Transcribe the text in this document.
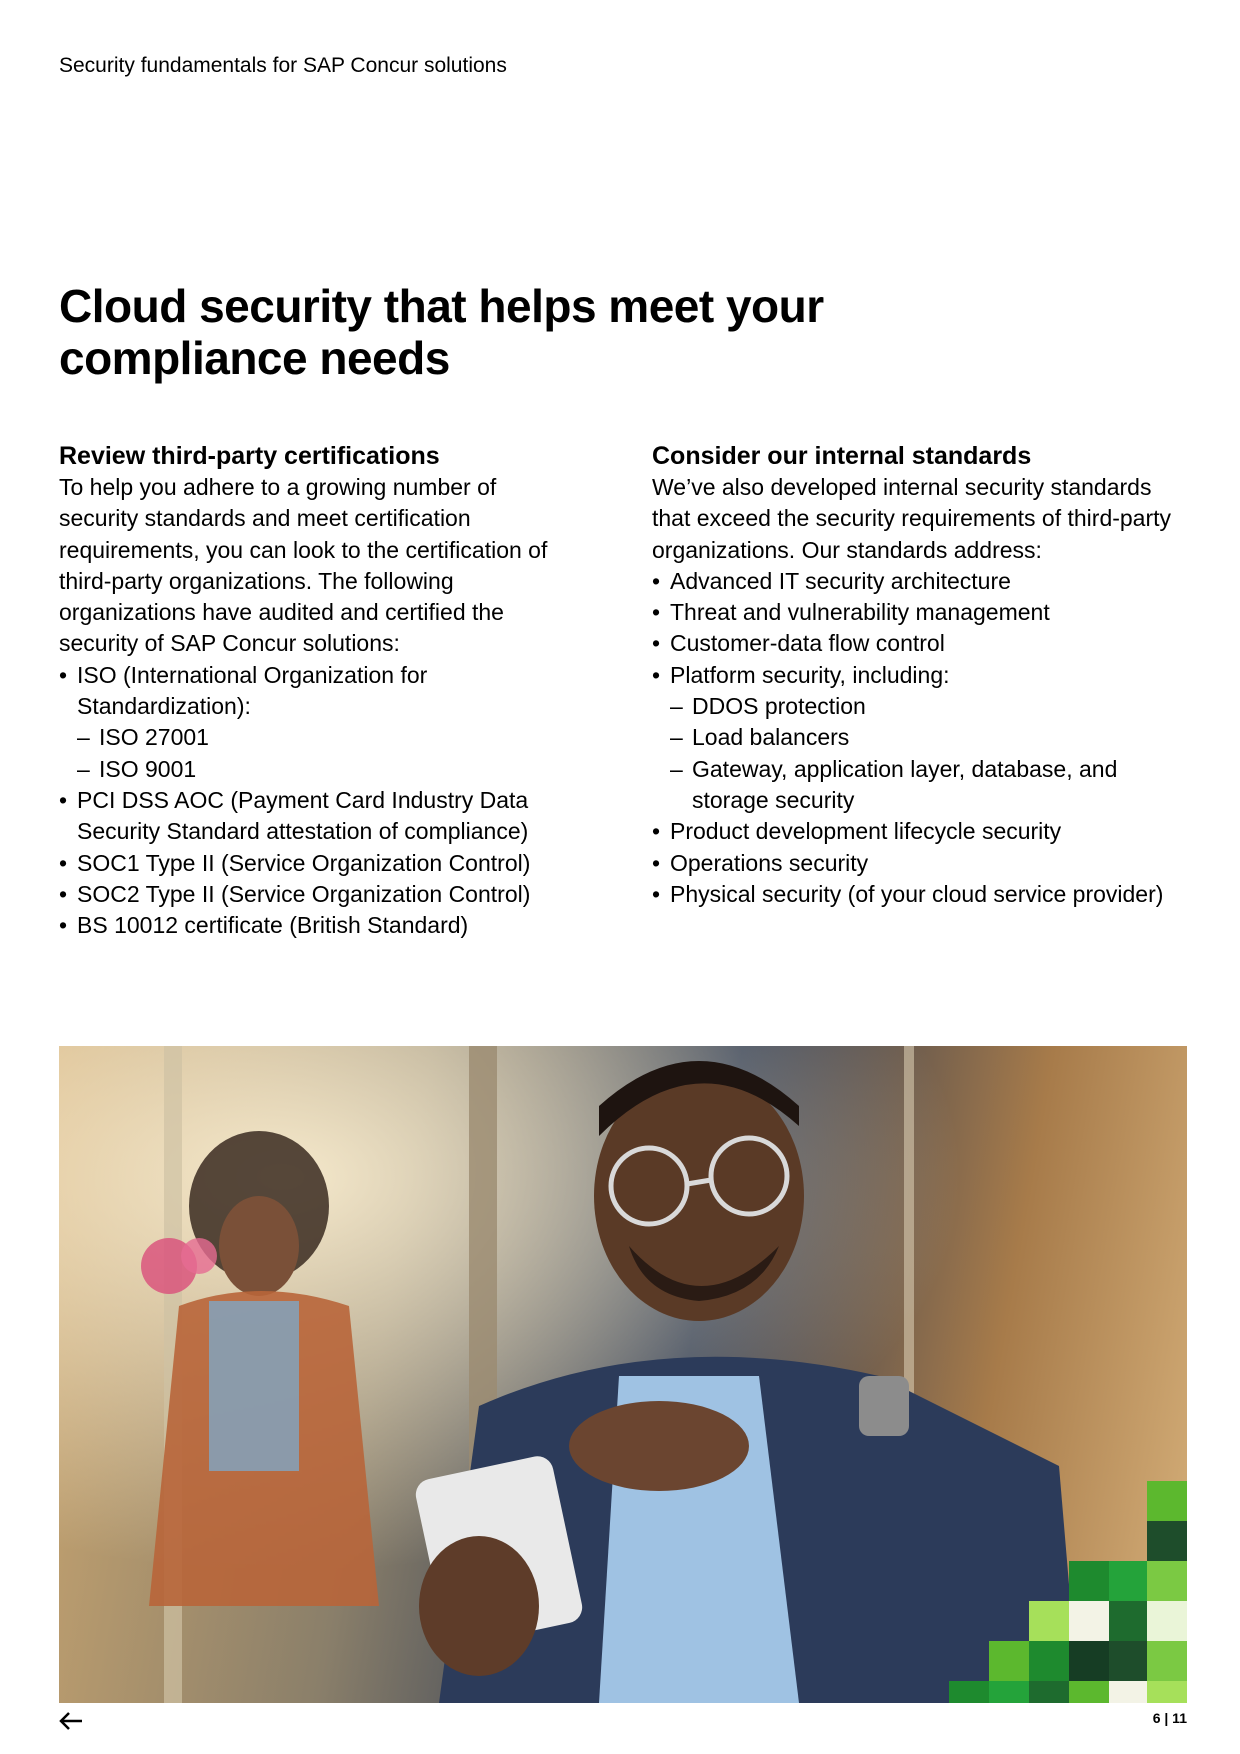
Security fundamentals for SAP Concur solutions
Cloud security that helps meet your
compliance needs
Review third-party certifications

To help you adhere to a growing number of security standards and meet certification requirements, you can look to the certification of third-party organizations. The following organizations have audited and certified the security of SAP Concur solutions:

• ISO (International Organization for Standardization):
– ISO 27001
– ISO 9001
• PCI DSS AOC (Payment Card Industry Data Security Standard attestation of compliance)
• SOC1 Type II (Service Organization Control)
• SOC2 Type II (Service Organization Control)
• BS 10012 certificate (British Standard)
Consider our internal standards

We’ve also developed internal security standards that exceed the security requirements of third-party organizations. Our standards address:

• Advanced IT security architecture
• Threat and vulnerability management
• Customer-data flow control
• Platform security, including:
– DDOS protection
– Load balancers
– Gateway, application layer, database, and storage security
• Product development lifecycle security
• Operations security
• Physical security (of your cloud service provider)
6 | 11
